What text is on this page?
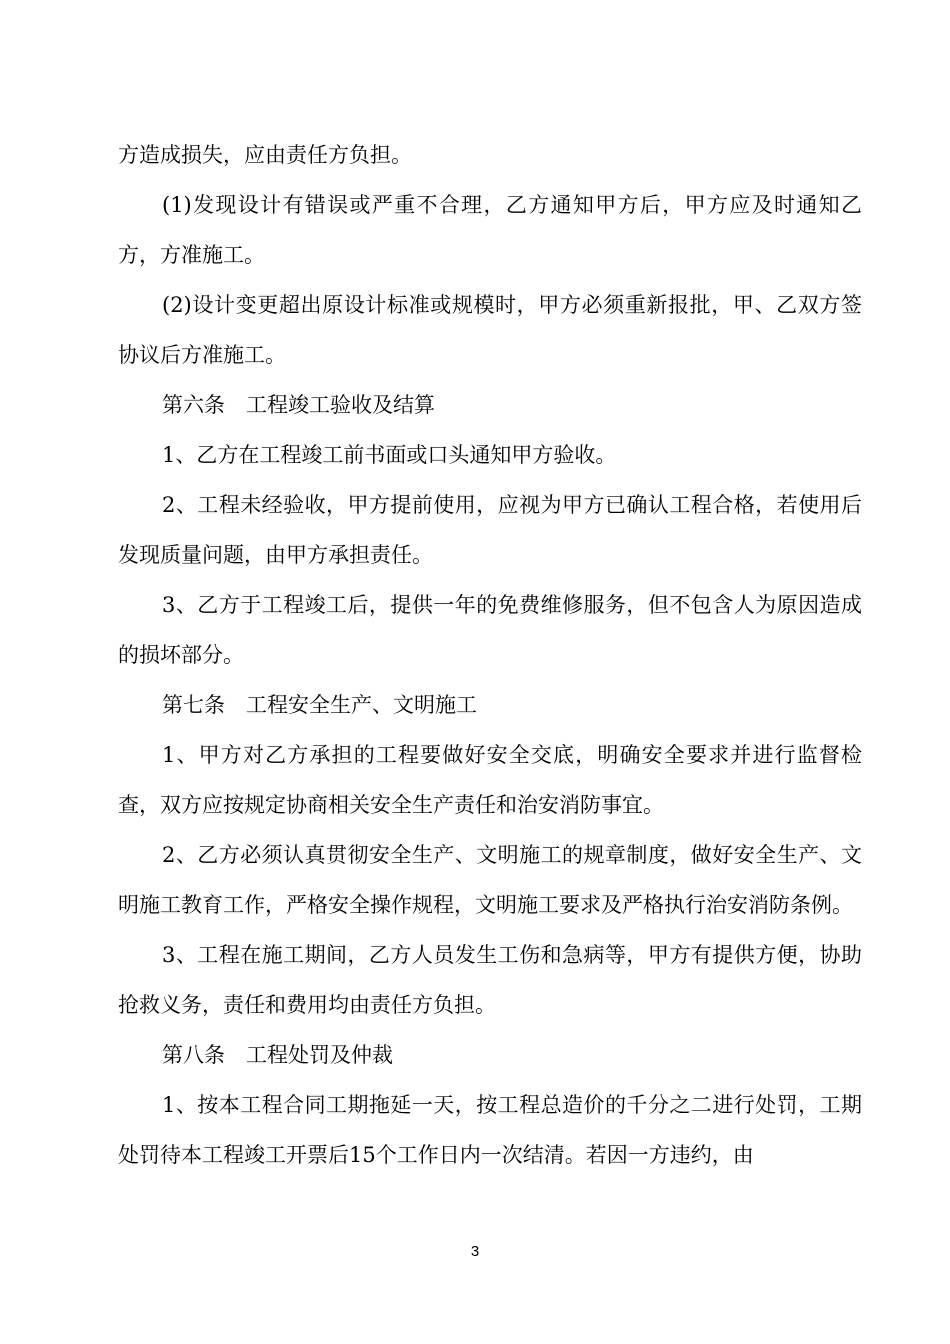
方造成损失，应由责任方负担。

(1)发现设计有错误或严重不合理，乙方通知甲方后，甲方应及时通知乙方，方准施工。

(2)设计变更超出原设计标准或规模时，甲方必须重新报批，甲、乙双方签协议后方准施工。

第六条　工程竣工验收及结算

1、乙方在工程竣工前书面或口头通知甲方验收。

2、工程未经验收，甲方提前使用，应视为甲方已确认工程合格，若使用后发现质量问题，由甲方承担责任。

3、乙方于工程竣工后，提供一年的免费维修服务，但不包含人为原因造成的损坏部分。

第七条　工程安全生产、文明施工

1、甲方对乙方承担的工程要做好安全交底，明确安全要求并进行监督检查，双方应按规定协商相关安全生产责任和治安消防事宜。

2、乙方必须认真贯彻安全生产、文明施工的规章制度，做好安全生产、文明施工教育工作，严格安全操作规程，文明施工要求及严格执行治安消防条例。

3、工程在施工期间，乙方人员发生工伤和急病等，甲方有提供方便，协助抢救义务，责任和费用均由责任方负担。

第八条　工程处罚及仲裁

1、按本工程合同工期拖延一天，按工程总造价的千分之二进行处罚，工期处罚待本工程竣工开票后15个工作日内一次结清。若因一方违约，由

3
